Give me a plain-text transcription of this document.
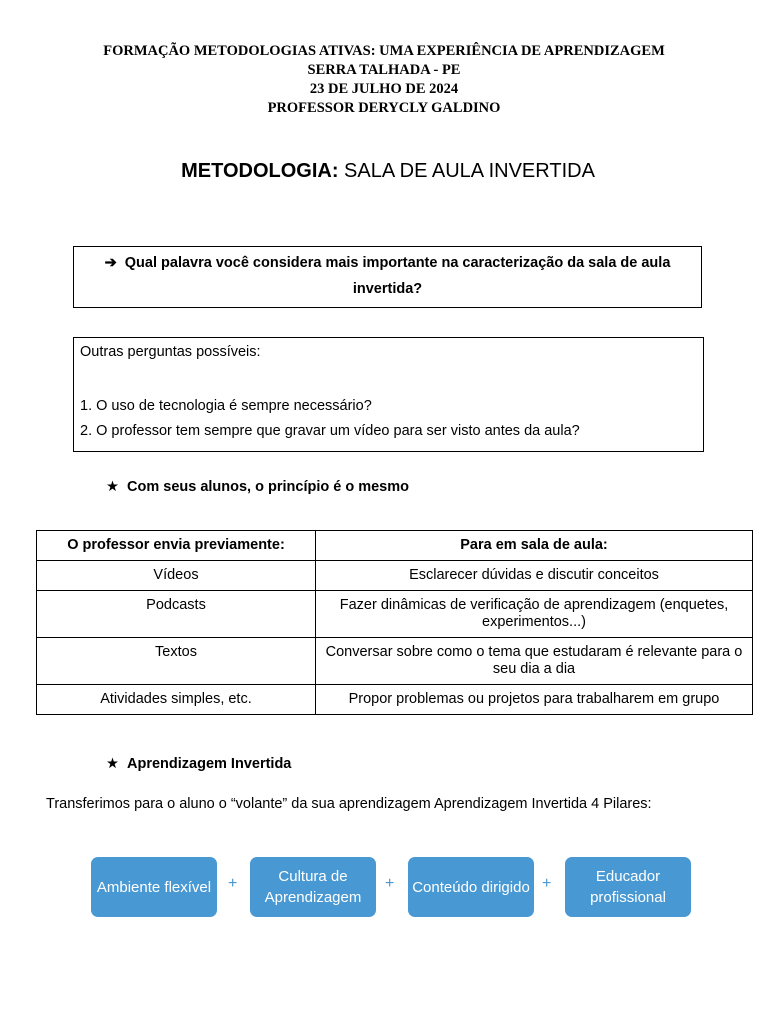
FORMAÇÃO METODOLOGIAS ATIVAS: UMA EXPERIÊNCIA DE APRENDIZAGEM
SERRA TALHADA - PE
23 DE JULHO DE 2024
PROFESSOR DERYCLY GALDINO
METODOLOGIA: SALA DE AULA INVERTIDA
➔ Qual palavra você considera mais importante na caracterização da sala de aula invertida?
Outras perguntas possíveis:
1. O uso de tecnologia é sempre necessário?
2. O professor tem sempre que gravar um vídeo para ser visto antes da aula?
★ Com seus alunos, o princípio é o mesmo
O professor envia previamente:	Para em sala de aula:
Vídeos	Esclarecer dúvidas e discutir conceitos
Podcasts	Fazer dinâmicas de verificação de aprendizagem (enquetes, experimentos...)
Textos	Conversar sobre como o tema que estudaram é relevante para o seu dia a dia
Atividades simples, etc.	Propor problemas ou projetos para trabalharem em grupo
★ Aprendizagem Invertida
Transferimos para o aluno o “volante” da sua aprendizagem Aprendizagem Invertida 4 Pilares:
Ambiente flexível	+	Cultura de Aprendizagem
+ Conteúdo dirigido +	Educador profissional
